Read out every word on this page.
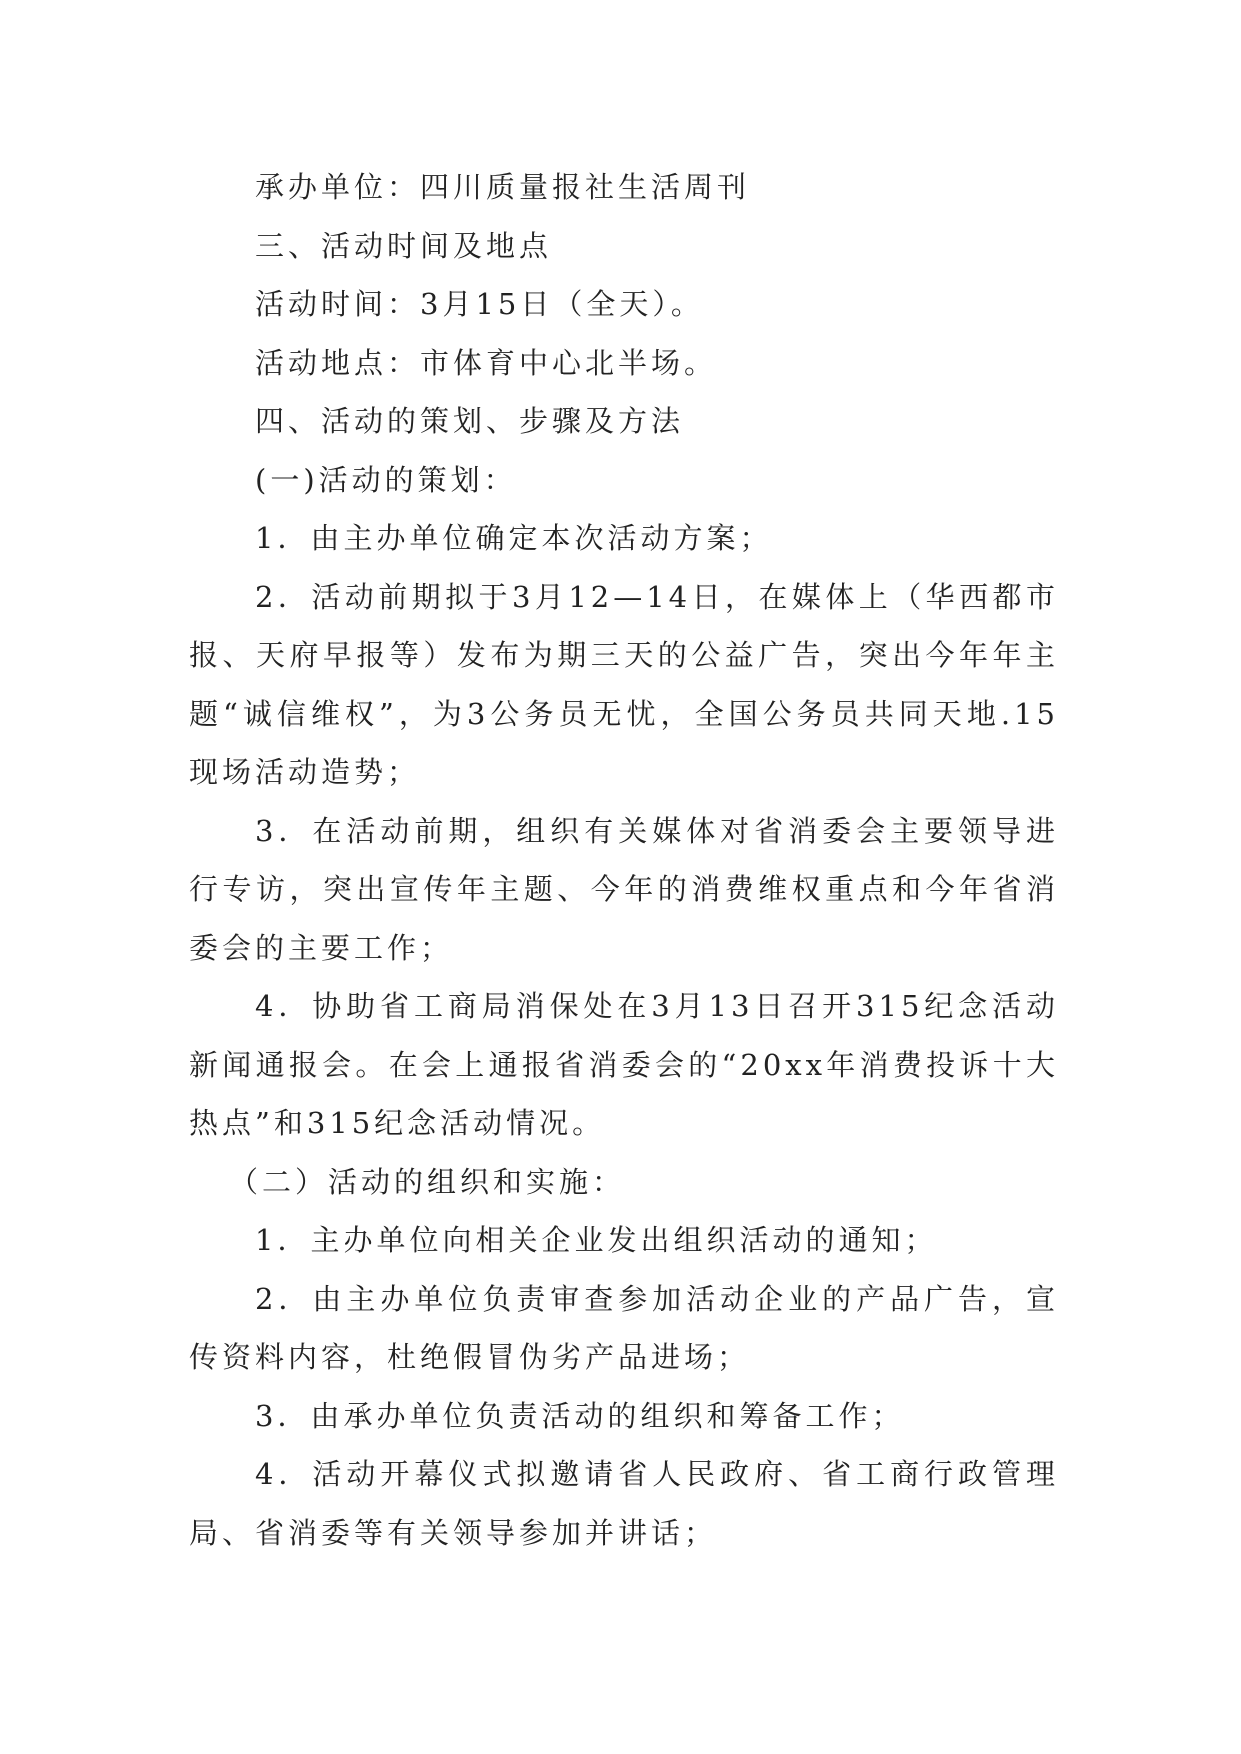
承办单位：四川质量报社生活周刊

三、活动时间及地点

活动时间：3月15日（全天）。

活动地点：市体育中心北半场。

四、活动的策划、步骤及方法

(一)活动的策划：

1．由主办单位确定本次活动方案；

2．活动前期拟于3月12—14日，在媒体上（华西都市报、天府早报等）发布为期三天的公益广告，突出今年年主题“诚信维权”，为3公务员无忧，全国公务员共同天地.15现场活动造势；

3．在活动前期，组织有关媒体对省消委会主要领导进行专访，突出宣传年主题、今年的消费维权重点和今年省消委会的主要工作；

4．协助省工商局消保处在3月13日召开315纪念活动新闻通报会。在会上通报省消委会的“20xx年消费投诉十大热点”和315纪念活动情况。

（二）活动的组织和实施：

1．主办单位向相关企业发出组织活动的通知；

2．由主办单位负责审查参加活动企业的产品广告，宣传资料内容，杜绝假冒伪劣产品进场；

3．由承办单位负责活动的组织和筹备工作；

4．活动开幕仪式拟邀请省人民政府、省工商行政管理局、省消委等有关领导参加并讲话；
